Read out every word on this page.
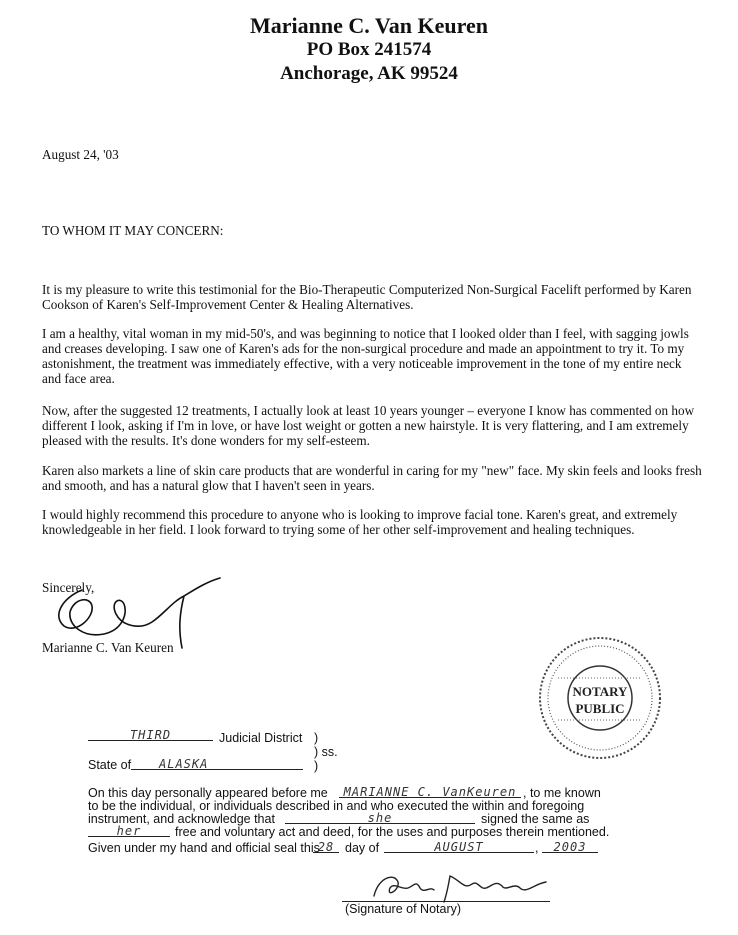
Marianne C. Van Keuren
PO Box 241574
Anchorage, AK 99524
August 24, '03
TO WHOM IT MAY CONCERN:

It is my pleasure to write this testimonial for the Bio-Therapeutic Computerized Non-Surgical Facelift performed by Karen Cookson of Karen's Self-Improvement Center & Healing Alternatives.

I am a healthy, vital woman in my mid-50's, and was beginning to notice that I looked older than I feel, with sagging jowls and creases developing. I saw one of Karen's ads for the non-surgical procedure and made an appointment to try it. To my astonishment, the treatment was immediately effective, with a very noticeable improvement in the tone of my entire neck and face area.

Now, after the suggested 12 treatments, I actually look at least 10 years younger – everyone I know has commented on how different I look, asking if I'm in love, or have lost weight or gotten a new hairstyle. It is very flattering, and I am extremely pleased with the results. It's done wonders for my self-esteem.

Karen also markets a line of skin care products that are wonderful in caring for my "new" face. My skin feels and looks fresh and smooth, and has a natural glow that I haven't seen in years.

I would highly recommend this procedure to anyone who is looking to improve facial tone. Karen's great, and extremely knowledgeable in her field. I look forward to trying some of her other self-improvement and healing techniques.

Sincerely,
Marianne C. Van Keuren
NOTARY
PUBLIC
THIRD	Judicial District )
) ss.
)
State of	ALASKA
On this day personally appeared before me	MARIANNE C. VanKeuren , to me known
to be the individual, or individuals described in and who executed the within and foregoing
instrument, and acknowledge that	she	signed the same as
her	free and voluntary act and deed, for the uses and purposes therein mentioned.
Given under my hand and official seal this
28 day of	AUGUST	,	2003
(Signature of Notary)
